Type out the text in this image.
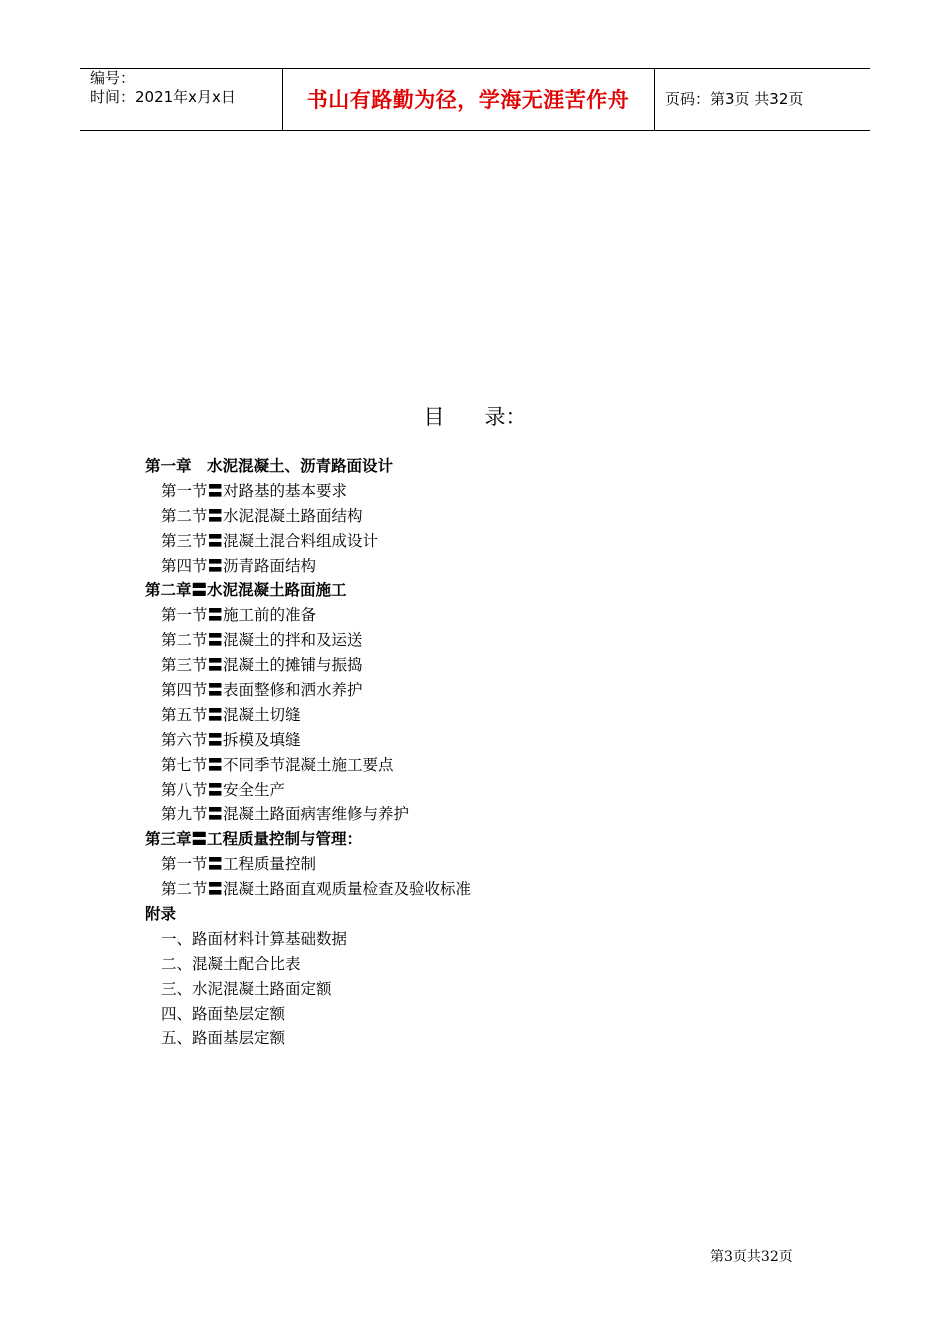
编号：
时间：2021年x月x日	书山有路勤为径，学海无涯苦作舟	页码：第3页 共32页
目 录：
第一章　水泥混凝土、沥青路面设计
第一节〓对路基的基本要求
第二节〓水泥混凝土路面结构
第三节〓混凝土混合料组成设计
第四节〓沥青路面结构
第二章〓水泥混凝土路面施工
第一节〓施工前的准备
第二节〓混凝土的拌和及运送
第三节〓混凝土的摊铺与振捣
第四节〓表面整修和洒水养护
第五节〓混凝土切缝
第六节〓拆模及填缝
第七节〓不同季节混凝土施工要点
第八节〓安全生产
第九节〓混凝土路面病害维修与养护
第三章〓工程质量控制与管理：
第一节〓工程质量控制
第二节〓混凝土路面直观质量检查及验收标准
附录
一、路面材料计算基础数据
二、混凝土配合比表
三、水泥混凝土路面定额
四、路面垫层定额
五、路面基层定额
第3页共32页
